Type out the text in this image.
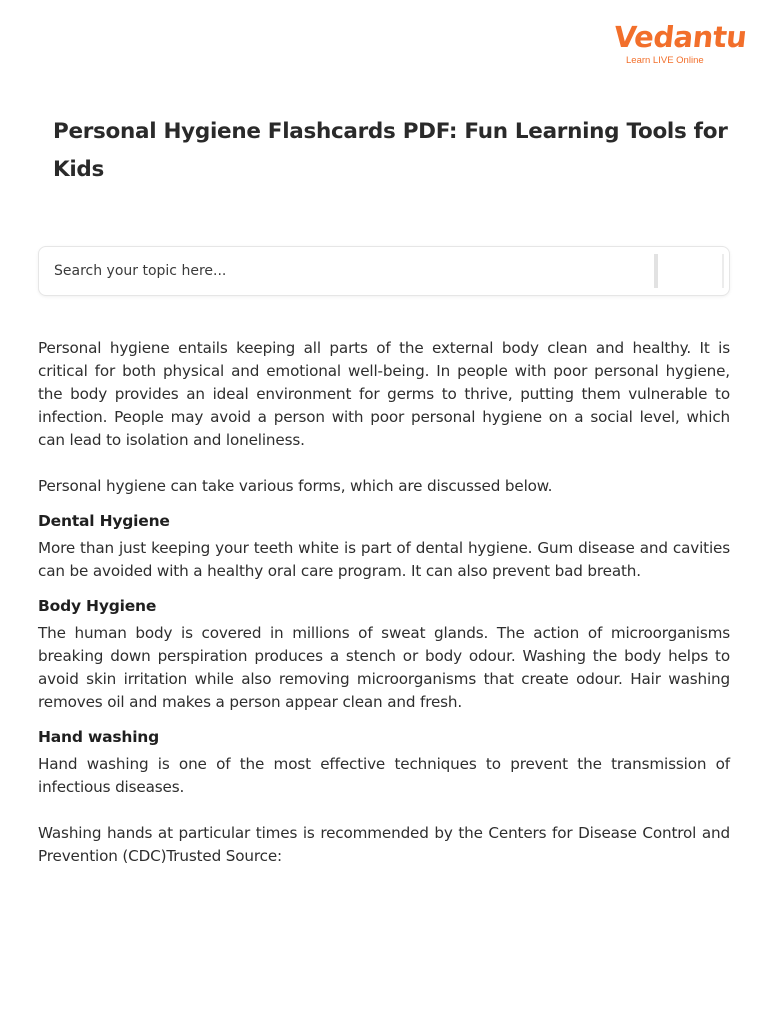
Vedantu
Learn LIVE Online
Personal Hygiene Flashcards PDF: Fun Learning Tools for Kids
Search your topic here...

Personal hygiene entails keeping all parts of the external body clean and healthy. It is critical for both physical and emotional well-being. In people with poor personal hygiene, the body provides an ideal environment for germs to thrive, putting them vulnerable to infection. People may avoid a person with poor personal hygiene on a social level, which can lead to isolation and loneliness.

Personal hygiene can take various forms, which are discussed below.

Dental Hygiene

More than just keeping your teeth white is part of dental hygiene. Gum disease and cavities can be avoided with a healthy oral care program. It can also prevent bad breath.

Body Hygiene

The human body is covered in millions of sweat glands. The action of microorganisms breaking down perspiration produces a stench or body odour. Washing the body helps to avoid skin irritation while also removing microorganisms that create odour. Hair washing removes oil and makes a person appear clean and fresh.

Hand washing

Hand washing is one of the most effective techniques to prevent the transmission of infectious diseases.

Washing hands at particular times is recommended by the Centers for Disease Control and Prevention (CDC)Trusted Source:
